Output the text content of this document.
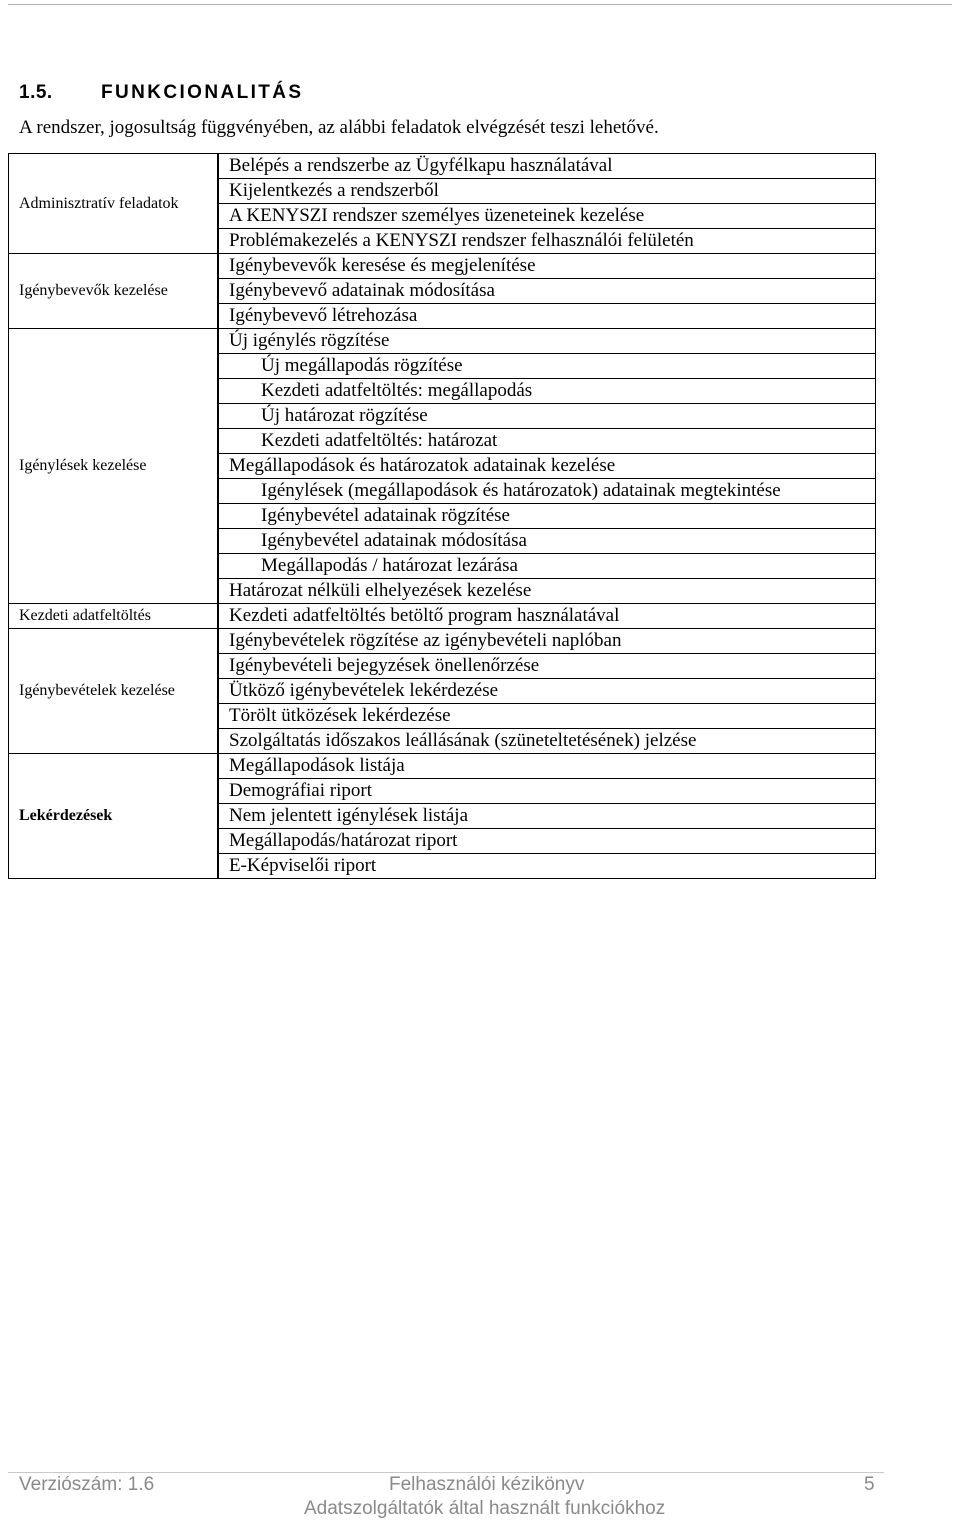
1.5.	FUNKCIONALITÁS
A rendszer, jogosultság függvényében, az alábbi feladatok elvégzését teszi lehetővé.
Adminisztratív feladatok		Belépés a rendszerbe az Ügyfélkapu használatával
	Kijelentkezés a rendszerből
	A KENYSZI rendszer személyes üzeneteinek kezelése
	Problémakezelés a KENYSZI rendszer felhasználói felületén
Igénybevevők kezelése		Igénybevevők keresése és megjelenítése
	Igénybevevő adatainak módosítása
	Igénybevevő létrehozása
Igénylések kezelése		Új igénylés rögzítése
	Új megállapodás rögzítése
	Kezdeti adatfeltöltés: megállapodás
	Új határozat rögzítése
	Kezdeti adatfeltöltés: határozat
	Megállapodások és határozatok adatainak kezelése
	Igénylések (megállapodások és határozatok) adatainak megtekintése
	Igénybevétel adatainak rögzítése
	Igénybevétel adatainak módosítása
	Megállapodás / határozat lezárása
	Határozat nélküli elhelyezések kezelése
Kezdeti adatfeltöltés		Kezdeti adatfeltöltés betöltő program használatával
Igénybevételek kezelése		Igénybevételek rögzítése az igénybevételi naplóban
	Igénybevételi bejegyzések önellenőrzése
	Ütköző igénybevételek lekérdezése
	Törölt ütközések lekérdezése
	Szolgáltatás időszakos leállásának (szüneteltetésének) jelzése
Lekérdezések		Megállapodások listája
	Demográfiai riport
	Nem jelentett igénylések listája
	Megállapodás/határozat riport
	E-Képviselői riport
Verziószám: 1.6	Felhasználói kézikönyv	5
Adatszolgáltatók által használt funkciókhoz
